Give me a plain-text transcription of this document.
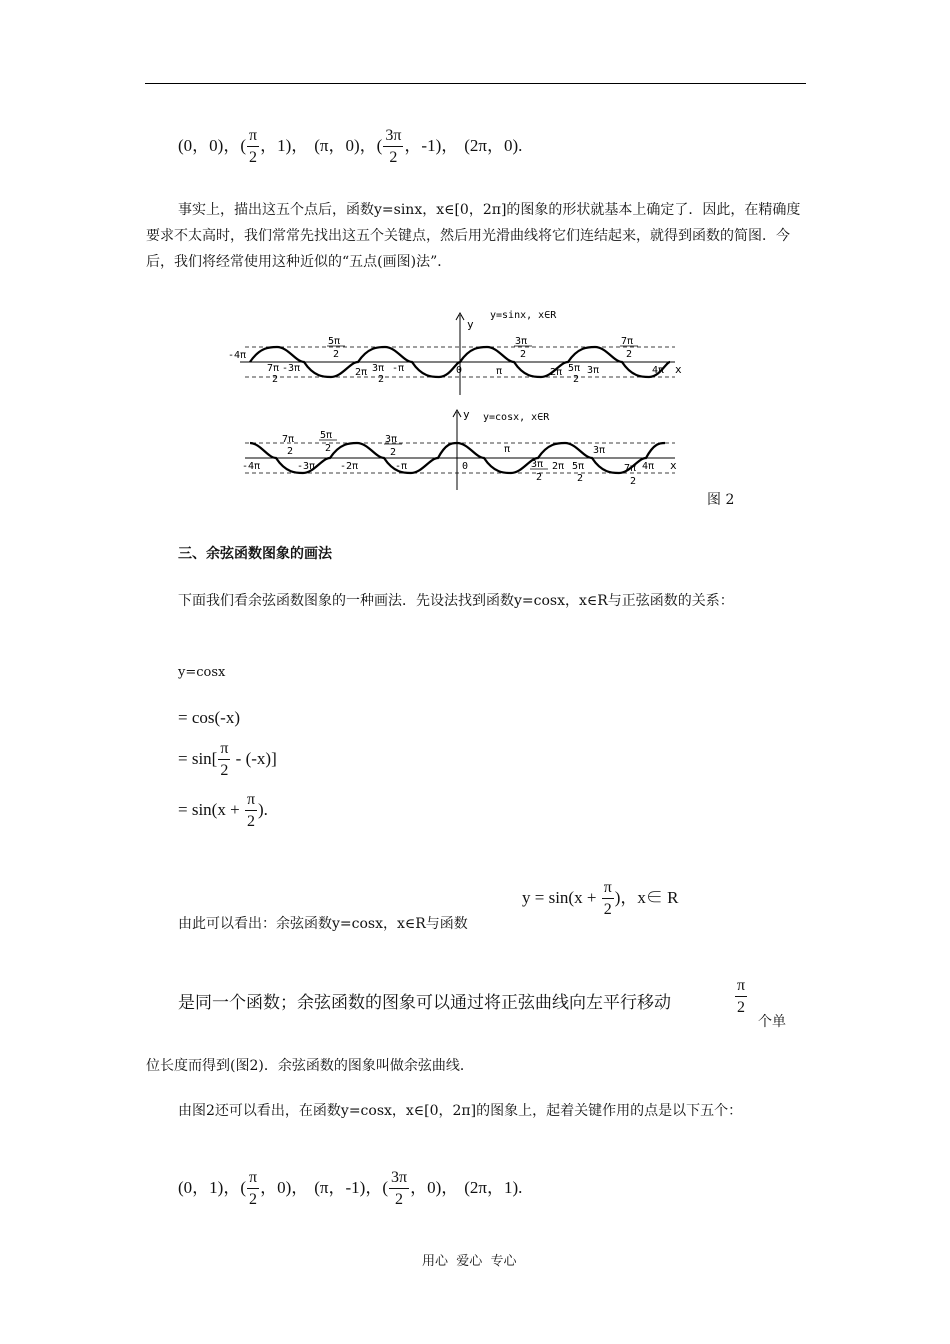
(0，0)，( $\frac{\pi}{2}$ ，1)， (π，0)，( $\frac{3\pi}{2}$ ，-1)， (2π，0).
事实上，描出这五个点后，函数y=sinx，x∈[0，2π]的图象的形状就基本上确定了．因此，在精确度要求不太高时，我们常常先找出这五个关键点，然后用光滑曲线将它们连结起来，就得到函数的简图．今后，我们将经常使用这种近似的“五点(画图)法”．
y=sinx, x∈R
y
x
-4π
7π
2
-3π
5π
2
2π 3π
2
-π	0	π
3π
2
2π 5π
2
3π
7π
2
4π
y=cosx, x∈R
y
x
7π
2
5π
2
3π
2
-4π	-3π -2π	-π	0
π
3π
2
2π 5π
2
3π
7π
2
4π
图 2
三、余弦函数图象的画法
下面我们看余弦函数图象的一种画法．先设法找到函数y=cosx，x∈R与正弦函数的关系：
y=cosx
= cos(-x)
= $\sin[ \frac{\pi}{2} - (-x)]$
= $\sin(x + \frac{\pi}{2}$ ).
由此可以看出：余弦函数y=cosx，x∈R与函数
$y = \sin(x + \frac{\pi}{2}$ )，x∈ R
是同一个函数；余弦函数的图象可以通过将正弦曲线向左平行移动	$\frac{\pi}{2}$
个单
位长度而得到(图2)．余弦函数的图象叫做余弦曲线．
由图2还可以看出，在函数y=cosx，x∈[0，2π]的图象上，起着关键作用的点是以下五个：
(0，1)，( $\frac{\pi}{2}$ ，0)， (π，-1)，( $\frac{3\pi}{2}$ ，0)， (2π，1).
用心  爱心  专心
